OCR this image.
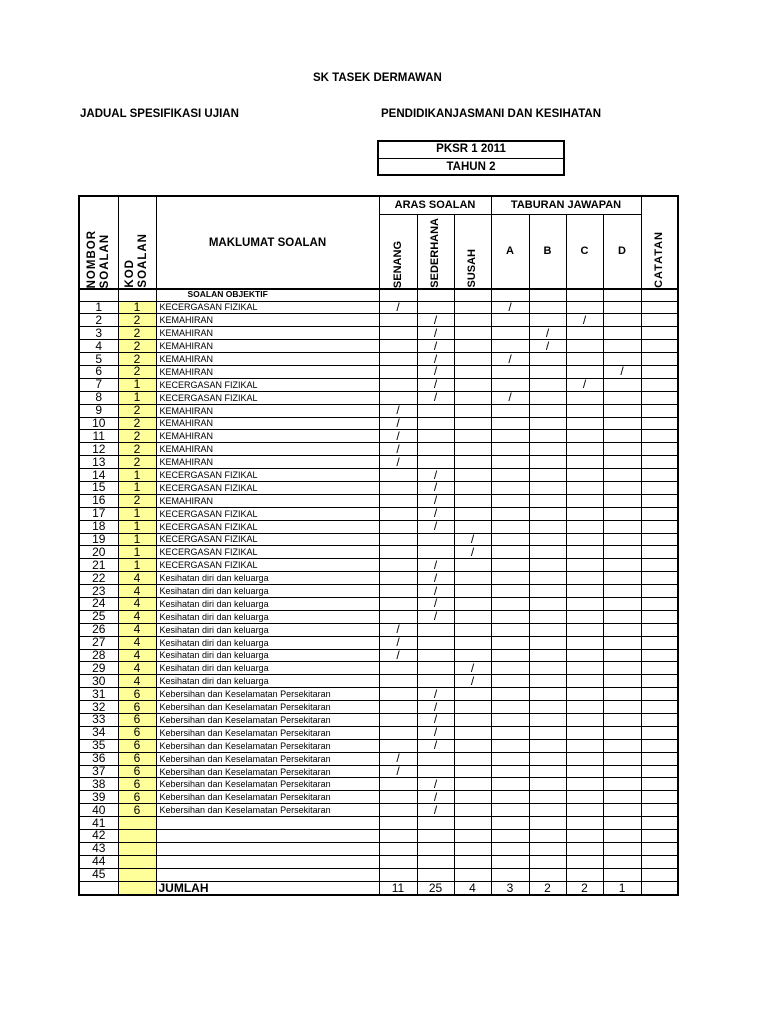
SK TASEK DERMAWAN
JADUAL SPESIFIKASI UJIAN	PENDIDIKANJASMANI DAN KESIHATAN
PKSR 1 2011
TAHUN 2
NOMBOR
SOALAN	KOD
SOALAN	MAKLUMAT SOALAN	ARAS SOALAN			TABURAN JAWAPAN				CATATAN
			SENANG	SEDERHANA	SUSAH	A	B	C	D	
		SOALAN OBJEKTIF								
1	1	KECERGASAN FIZIKAL	/			/				
2	2	KEMAHIRAN		/				/		
3	2	KEMAHIRAN		/			/			
4	2	KEMAHIRAN		/			/			
5	2	KEMAHIRAN		/		/				
6	2	KEMAHIRAN		/					/	
7	1	KECERGASAN FIZIKAL		/				/		
8	1	KECERGASAN FIZIKAL		/		/				
9	2	KEMAHIRAN	/							
10	2	KEMAHIRAN	/							
11	2	KEMAHIRAN	/							
12	2	KEMAHIRAN	/							
13	2	KEMAHIRAN	/							
14	1	KECERGASAN FIZIKAL		/						
15	1	KECERGASAN FIZIKAL		/						
16	2	KEMAHIRAN		/						
17	1	KECERGASAN FIZIKAL		/						
18	1	KECERGASAN FIZIKAL		/						
19	1	KECERGASAN FIZIKAL			/					
20	1	KECERGASAN FIZIKAL			/					
21	1	KECERGASAN FIZIKAL		/						
22	4	Kesihatan diri dan keluarga		/						
23	4	Kesihatan diri dan keluarga		/						
24	4	Kesihatan diri dan keluarga		/						
25	4	Kesihatan diri dan keluarga		/						
26	4	Kesihatan diri dan keluarga	/							
27	4	Kesihatan diri dan keluarga	/							
28	4	Kesihatan diri dan keluarga	/							
29	4	Kesihatan diri dan keluarga			/					
30	4	Kesihatan diri dan keluarga			/					
31	6	Kebersihan dan Keselamatan Persekitaran		/						
32	6	Kebersihan dan Keselamatan Persekitaran		/						
33	6	Kebersihan dan Keselamatan Persekitaran		/						
34	6	Kebersihan dan Keselamatan Persekitaran		/						
35	6	Kebersihan dan Keselamatan Persekitaran		/						
36	6	Kebersihan dan Keselamatan Persekitaran	/							
37	6	Kebersihan dan Keselamatan Persekitaran	/							
38	6	Kebersihan dan Keselamatan Persekitaran		/						
39	6	Kebersihan dan Keselamatan Persekitaran		/						
40	6	Kebersihan dan Keselamatan Persekitaran		/						
41										
42										
43										
44										
45										
		JUMLAH	11	25	4	3	2	2	1	
